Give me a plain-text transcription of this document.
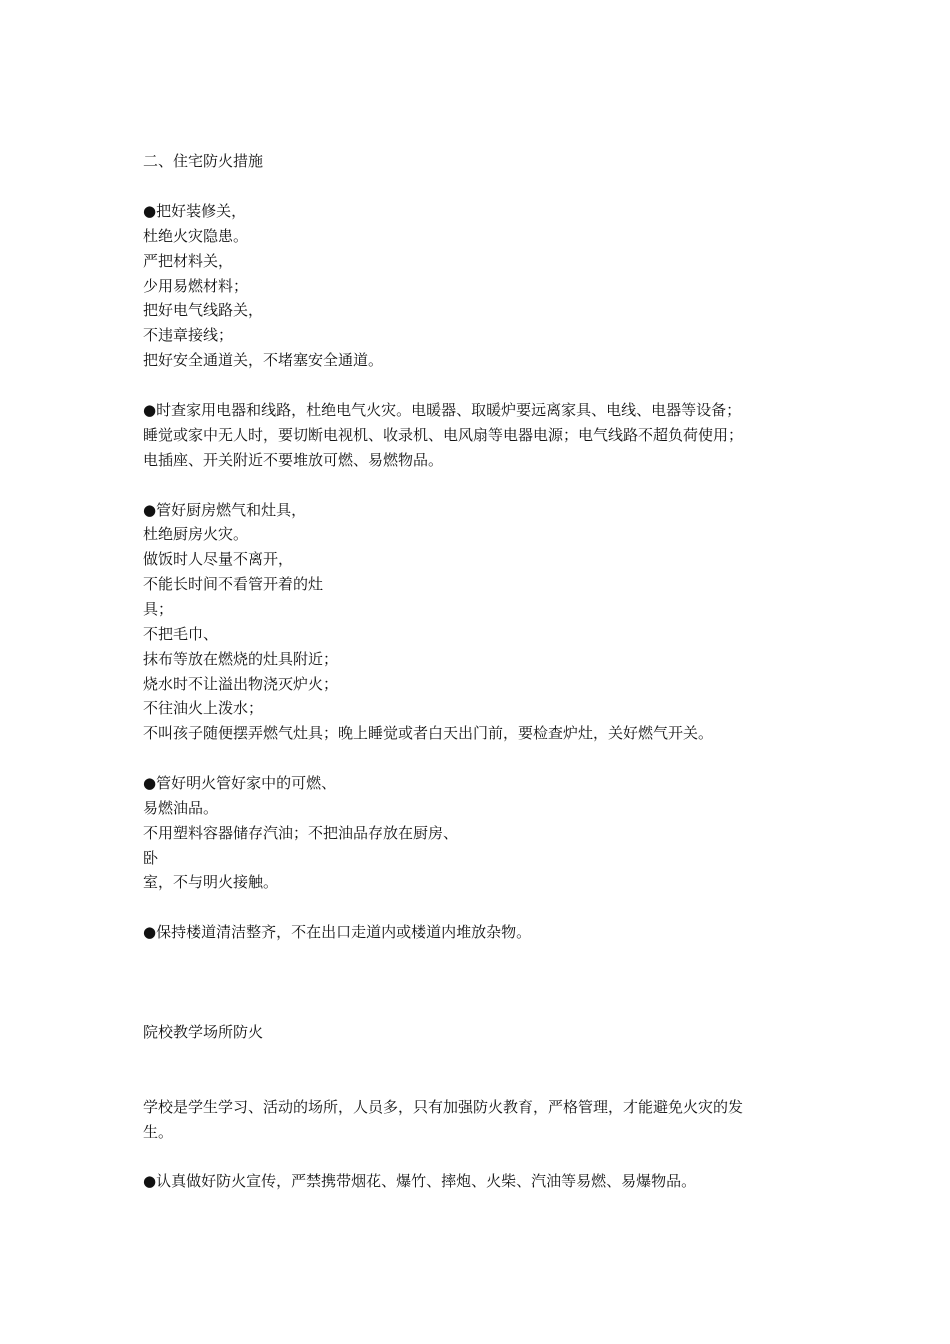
二、住宅防火措施
●把好装修关，
杜绝火灾隐患。
严把材料关，
少用易燃材料；
把好电气线路关，
不违章接线；
把好安全通道关，不堵塞安全通道。
●时查家用电器和线路，杜绝电气火灾。电暖器、取暖炉要远离家具、电线、电器等设备；
睡觉或家中无人时，要切断电视机、收录机、电风扇等电器电源；电气线路不超负荷使用；
电插座、开关附近不要堆放可燃、易燃物品。
●管好厨房燃气和灶具，
杜绝厨房火灾。
做饭时人尽量不离开，
不能长时间不看管开着的灶
具；
不把毛巾、
抹布等放在燃烧的灶具附近；
烧水时不让溢出物浇灭炉火；
不往油火上泼水；
不叫孩子随便摆弄燃气灶具；晚上睡觉或者白天出门前，要检查炉灶，关好燃气开关。
●管好明火管好家中的可燃、
易燃油品。
不用塑料容器储存汽油；不把油品存放在厨房、
卧
室，不与明火接触。
●保持楼道清洁整齐，不在出口走道内或楼道内堆放杂物。
院校教学场所防火
学校是学生学习、活动的场所，人员多，只有加强防火教育，严格管理，才能避免火灾的发
生。
●认真做好防火宣传，严禁携带烟花、爆竹、摔炮、火柴、汽油等易燃、易爆物品。
